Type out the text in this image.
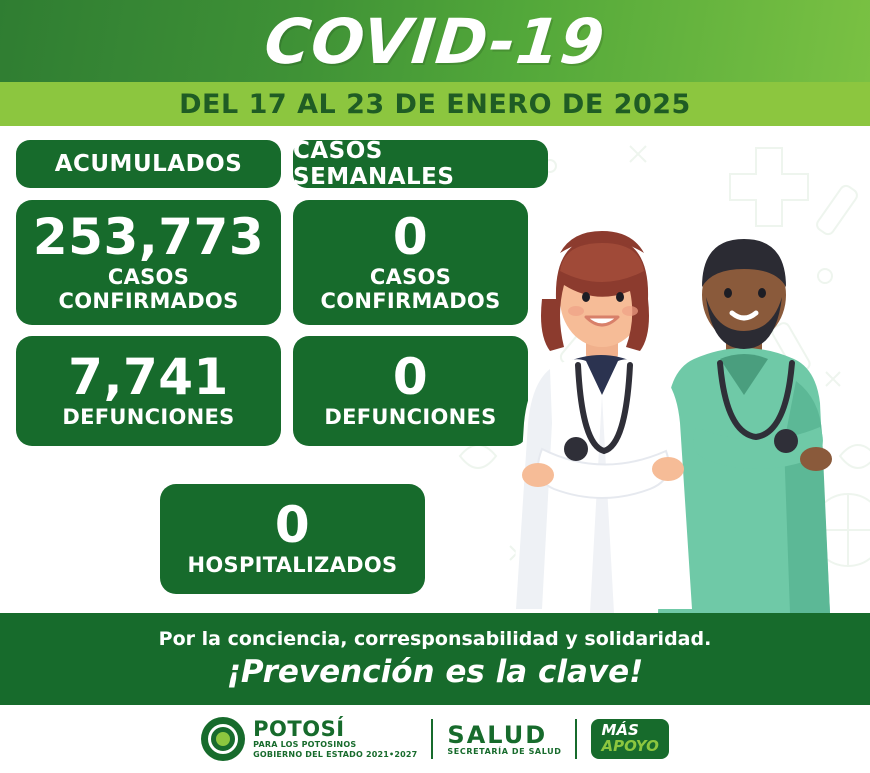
COVID-19
DEL 17 AL 23 DE ENERO DE 2025
ACUMULADOS CASOS SEMANALES
253,773
CASOS
CONFIRMADOS
0
CASOS
CONFIRMADOS
7,741
DEFUNCIONES
0
DEFUNCIONES
0
HOSPITALIZADOS
Por la conciencia, corresponsabilidad y solidaridad.
¡Prevención es la clave!
POTOSÍ
PARA LOS POTOSINOS
GOBIERNO DEL ESTADO 2021•2027
SALUD
SECRETARÍA DE SALUD
MÁS
APOYO
